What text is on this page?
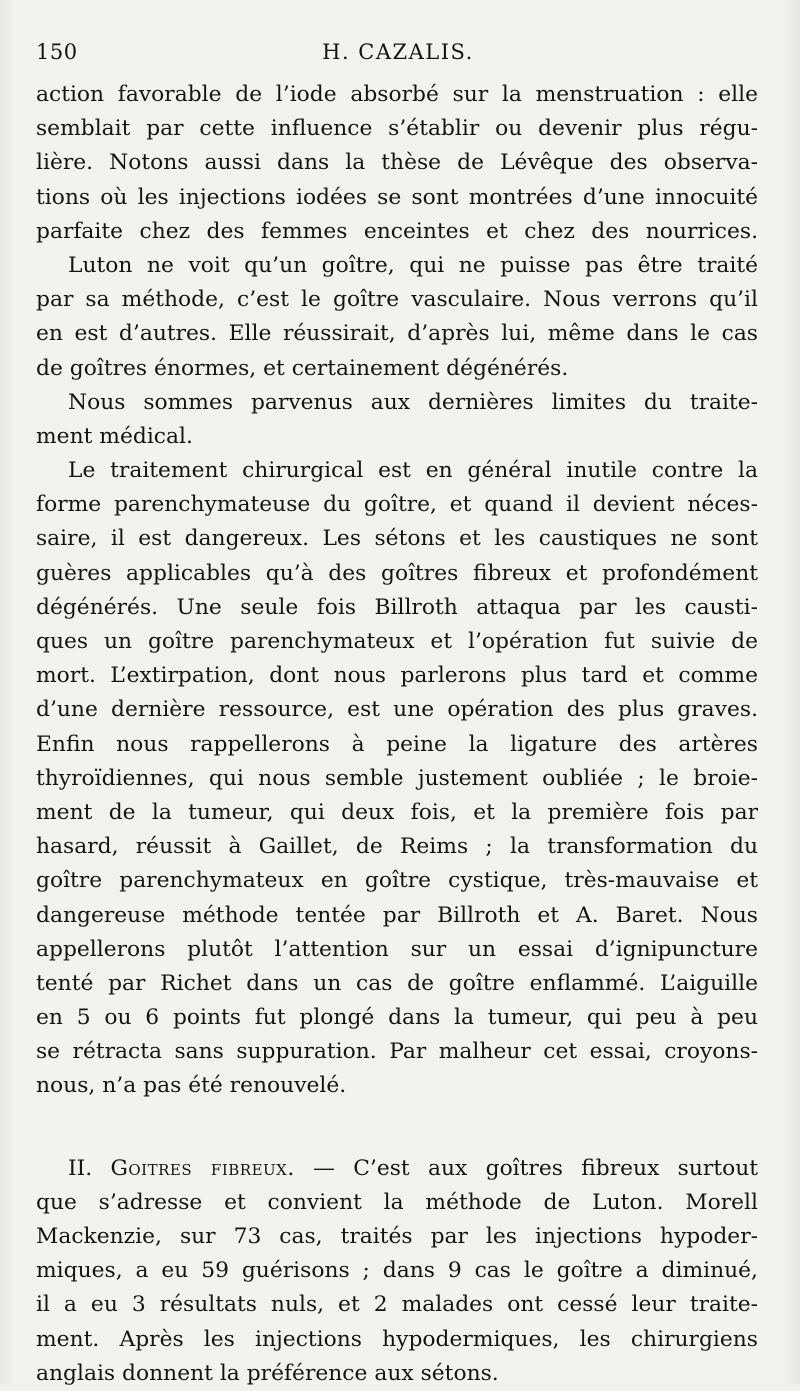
150	H. CAZALIS.
action favorable de l’iode absorbé sur la menstruation : elle
semblait par cette influence s’établir ou devenir plus régu-
lière. Notons aussi dans la thèse de Lévêque des observa-
tions où les injections iodées se sont montrées d’une innocuité
parfaite chez des femmes enceintes et chez des nourrices.
Luton ne voit qu’un goître, qui ne puisse pas être traité
par sa méthode, c’est le goître vasculaire. Nous verrons qu’il
en est d’autres. Elle réussirait, d’après lui, même dans le cas
de goîtres énormes, et certainement dégénérés.
Nous sommes parvenus aux dernières limites du traite-
ment médical.
Le traitement chirurgical est en général inutile contre la
forme parenchymateuse du goître, et quand il devient néces-
saire, il est dangereux. Les sétons et les caustiques ne sont
guères applicables qu’à des goîtres fibreux et profondément
dégénérés. Une seule fois Billroth attaqua par les causti-
ques un goître parenchymateux et l’opération fut suivie de
mort. L’extirpation, dont nous parlerons plus tard et comme
d’une dernière ressource, est une opération des plus graves.
Enfin nous rappellerons à peine la ligature des artères
thyroïdiennes, qui nous semble justement oubliée ; le broie-
ment de la tumeur, qui deux fois, et la première fois par
hasard, réussit à Gaillet, de Reims ; la transformation du
goître parenchymateux en goître cystique, très-mauvaise et
dangereuse méthode tentée par Billroth et A. Baret. Nous
appellerons plutôt l’attention sur un essai d’ignipuncture
tenté par Richet dans un cas de goître enflammé. L’aiguille
en 5 ou 6 points fut plongé dans la tumeur, qui peu à peu
se rétracta sans suppuration. Par malheur cet essai, croyons-
nous, n’a pas été renouvelé.
II. Goitres fibreux. — C’est aux goîtres fibreux surtout
que s’adresse et convient la méthode de Luton. Morell
Mackenzie, sur 73 cas, traités par les injections hypoder-
miques, a eu 59 guérisons ; dans 9 cas le goître a diminué,
il a eu 3 résultats nuls, et 2 malades ont cessé leur traite-
ment. Après les injections hypodermiques, les chirurgiens
anglais donnent la préférence aux sétons.
